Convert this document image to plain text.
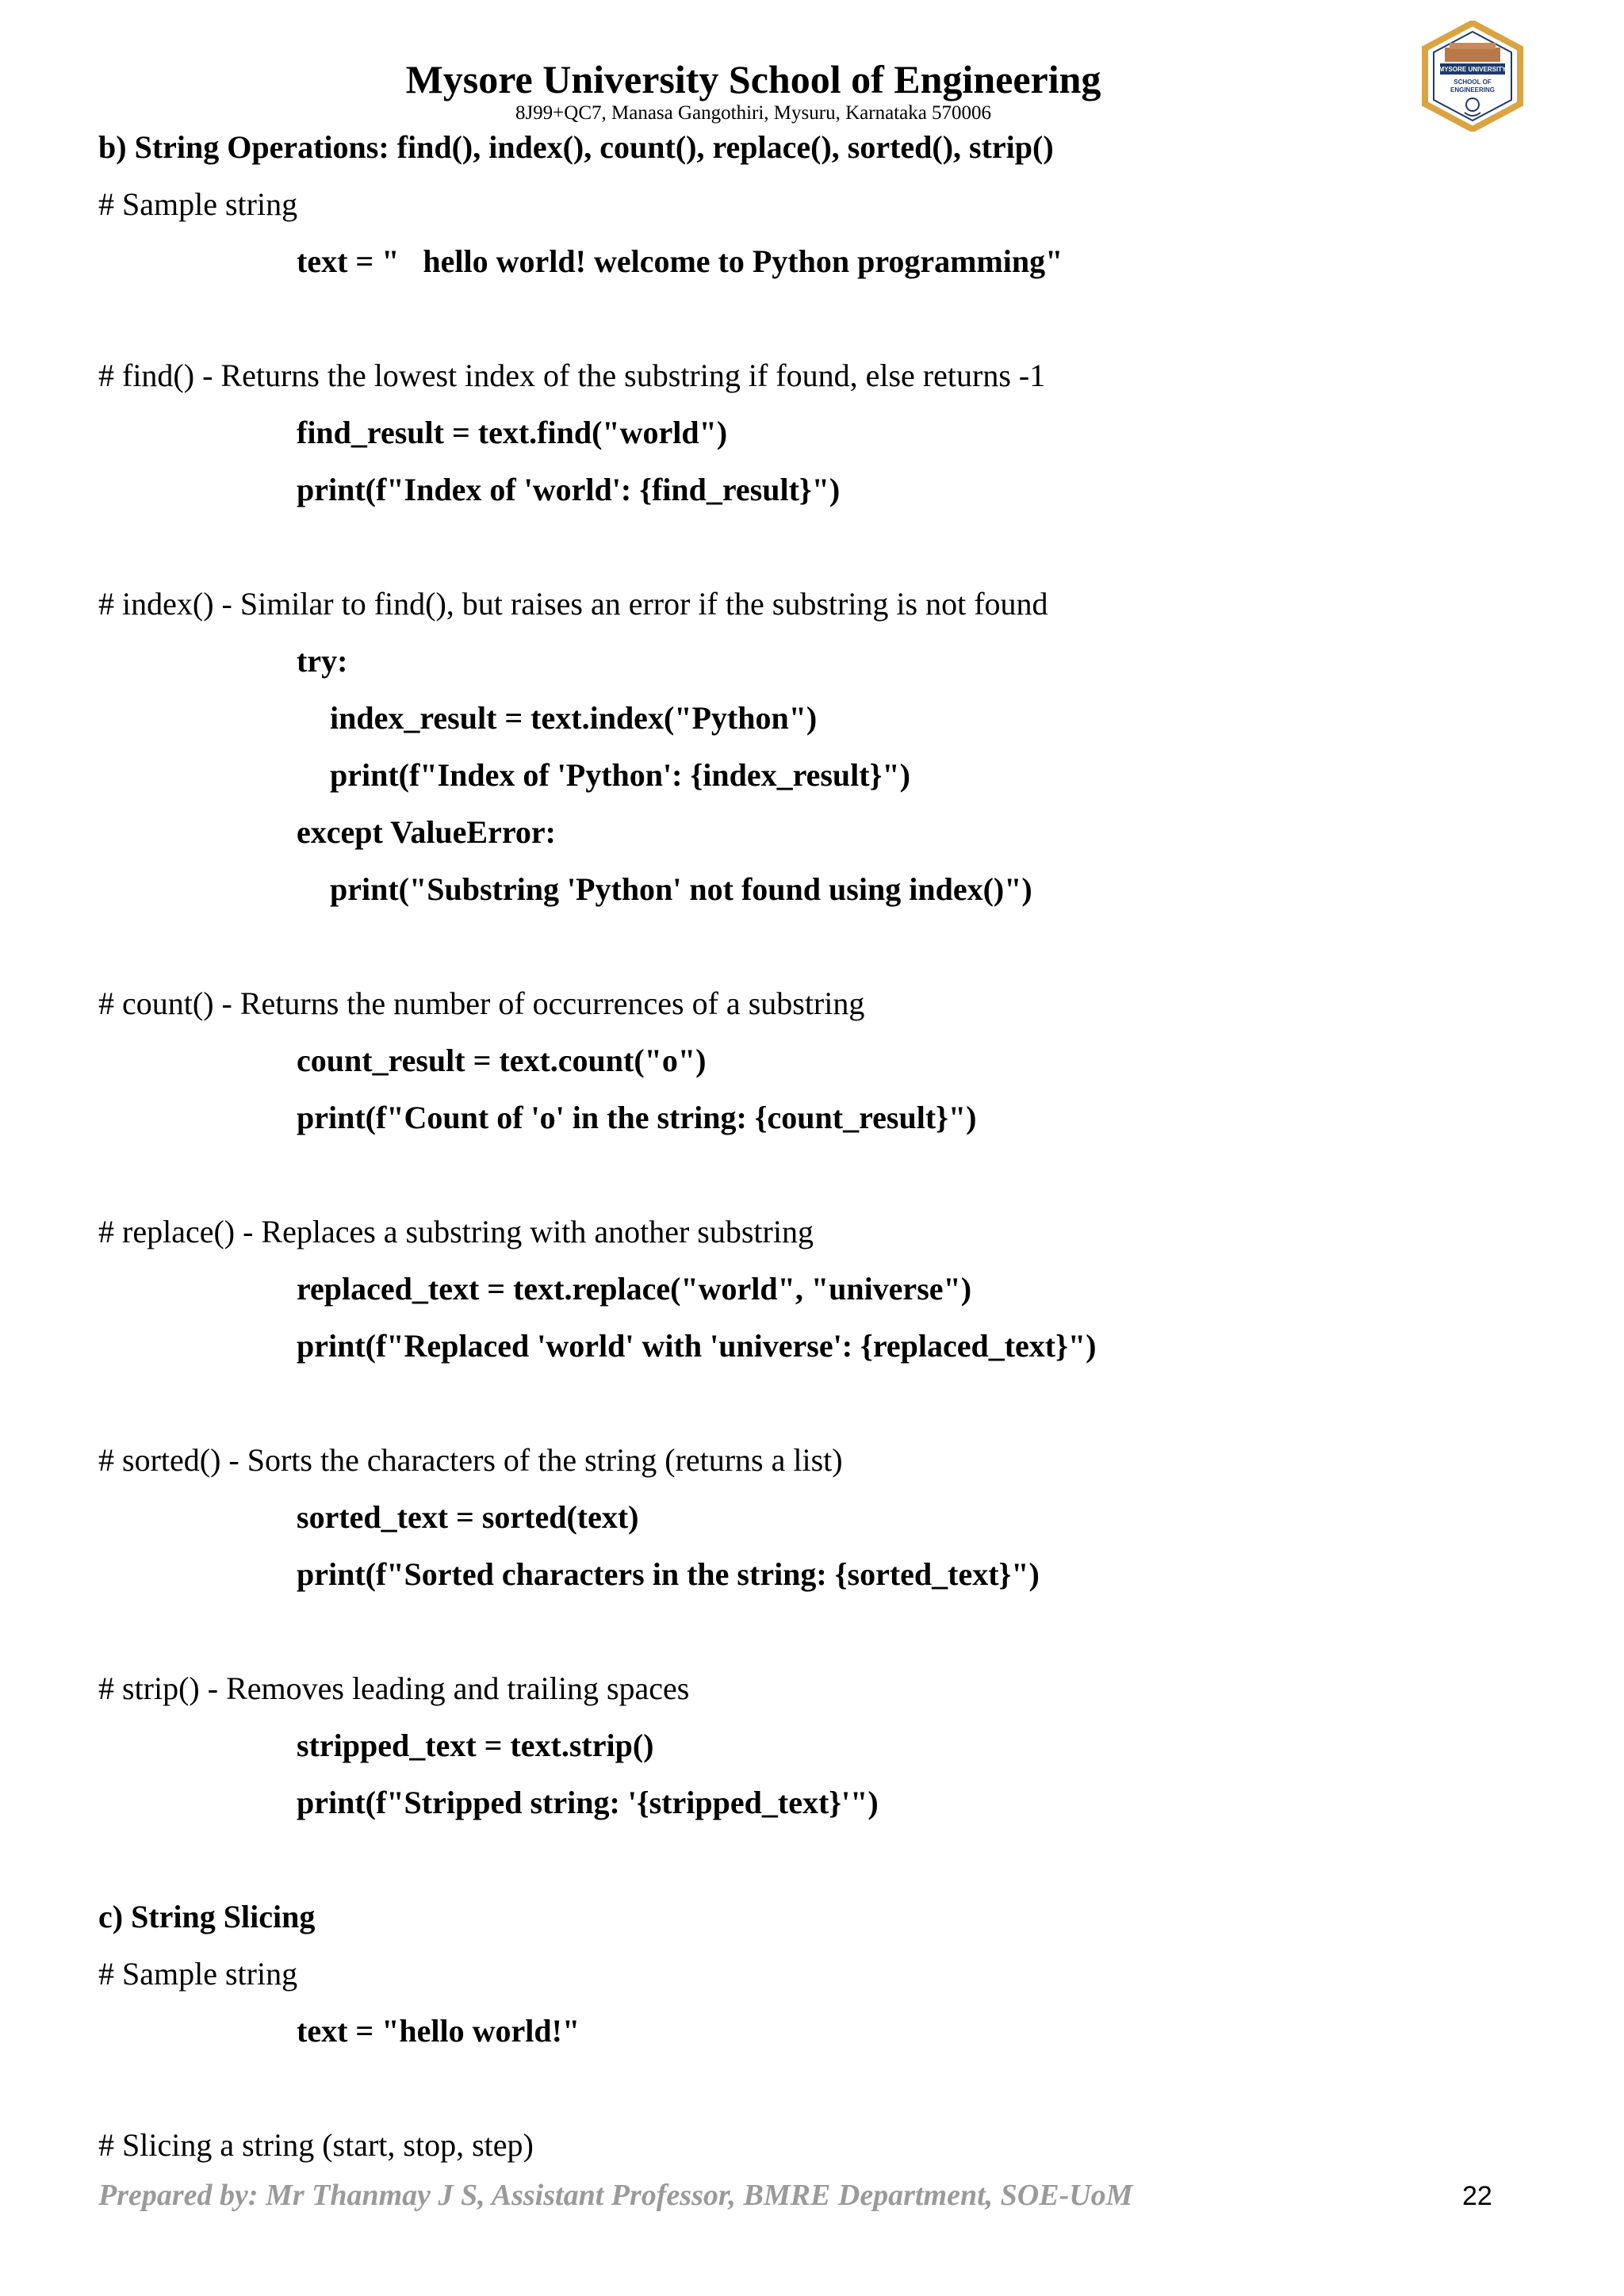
Mysore University School of Engineering
8J99+QC7, Manasa Gangothiri, Mysuru, Karnataka 570006
MYSORE UNIVERSITY
SCHOOL OF
ENGINEERING
b) String Operations: find(), index(), count(), replace(), sorted(), strip()
# Sample string
text = "   hello world! welcome to Python programming"
# find() - Returns the lowest index of the substring if found, else returns -1
find_result = text.find("world")
print(f"Index of 'world': {find_result}")
# index() - Similar to find(), but raises an error if the substring is not found
try:
index_result = text.index("Python")
print(f"Index of 'Python': {index_result}")
except ValueError:
print("Substring 'Python' not found using index()")
# count() - Returns the number of occurrences of a substring
count_result = text.count("o")
print(f"Count of 'o' in the string: {count_result}")
# replace() - Replaces a substring with another substring
replaced_text = text.replace("world", "universe")
print(f"Replaced 'world' with 'universe': {replaced_text}")
# sorted() - Sorts the characters of the string (returns a list)
sorted_text = sorted(text)
print(f"Sorted characters in the string: {sorted_text}")
# strip() - Removes leading and trailing spaces
stripped_text = text.strip()
print(f"Stripped string: '{stripped_text}'")
c) String Slicing
# Sample string
text = "hello world!"
# Slicing a string (start, stop, step)
Prepared by: Mr Thanmay J S, Assistant Professor, BMRE Department, SOE-UoM	22
